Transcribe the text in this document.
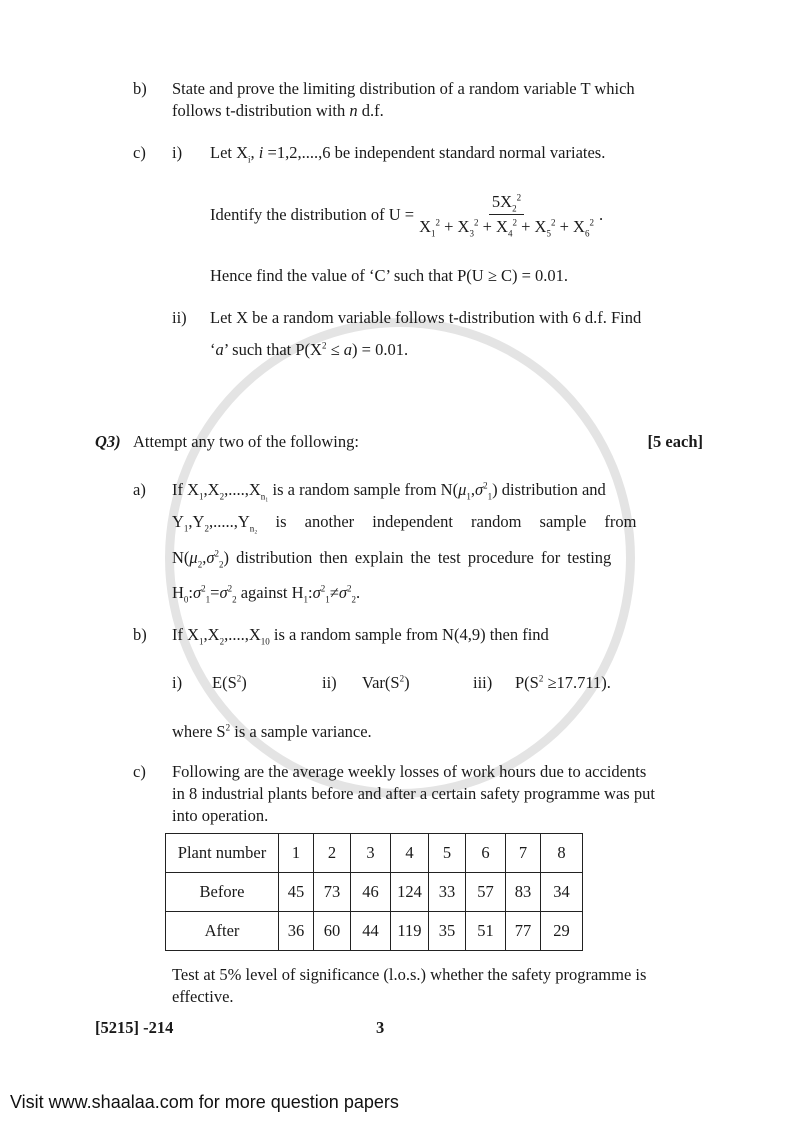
b) State and prove the limiting distribution of a random variable T which
follows t-distribution with n d.f.
c) i) Let $X_i$, i =1,2,....,6 be independent standard normal variates.
Identify the distribution of $U = \frac{5X_2^2}{X_1^2 + X_3^2 + X_4^2 + X_5^2 + X_6^2}$ .
Hence find the value of ‘C’ such that P(U ≥ C) = 0.01.
ii) Let X be a random variable follows t-distribution with 6 d.f. Find
‘a’ such that $P(X^2 \le a) = 0.01$.
Q3) Attempt any two of the following:	[5 each]
a) If $X_1,X_2,....,X_{n_1}$ is a random sample from $N(\mu_1,\sigma^2_1)$ distribution and
$Y_1,Y_2,.....,Y_{n_2}$ is another independent random sample from
$N(\mu_2,\sigma^2_2)$ distribution then explain the test procedure for testing
$H_0:\sigma^2_1=\sigma^2_2$ against $H_1:\sigma^2_1\ne\sigma^2_2$.
b) If $X_1,X_2,....,X_{10}$ is a random sample from N(4,9) then find
i) $E(S^2)$	ii) $Var(S^2)$	iii) $P(S^2 \ge 17.711)$.
where $S^2$ is a sample variance.
c) Following are the average weekly losses of work hours due to accidents
in 8 industrial plants before and after a certain safety programme was put
into operation.
Plant number	1	2	3	4	5	6	7	8
Before	45	73	46	124	33	57	83	34
After	36	60	44	119	35	51	77	29
Test at 5% level of significance (l.o.s.) whether the safety programme is
effective.
[5215] -214	3
Visit www.shaalaa.com for more question papers
